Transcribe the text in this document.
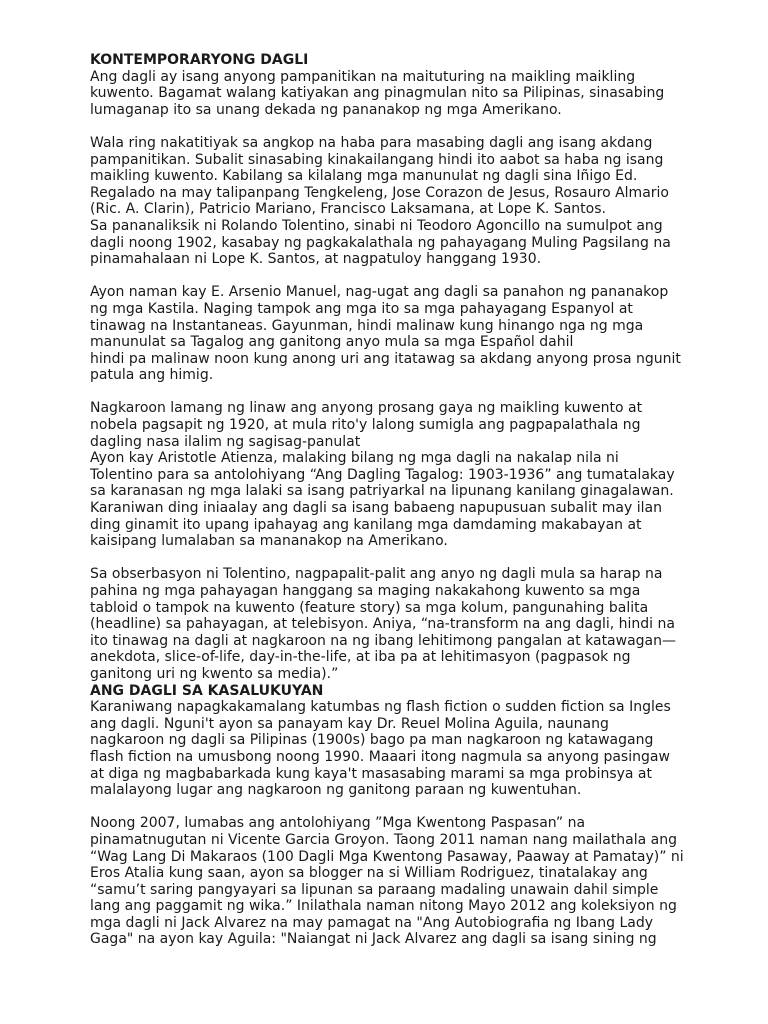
KONTEMPORARYONG DAGLI

Ang dagli ay isang anyong pampanitikan na maituturing na maikling maikling
kuwento. Bagamat walang katiyakan ang pinagmulan nito sa Pilipinas, sinasabing
lumaganap ito sa unang dekada ng pananakop ng mga Amerikano.

Wala ring nakatitiyak sa angkop na haba para masabing dagli ang isang akdang
pampanitikan. Subalit sinasabing kinakailangang hindi ito aabot sa haba ng isang
maikling kuwento. Kabilang sa kilalang mga manunulat ng dagli sina Iñigo Ed.
Regalado na may talipanpang Tengkeleng, Jose Corazon de Jesus, Rosauro Almario
(Ric. A. Clarin), Patricio Mariano, Francisco Laksamana, at Lope K. Santos.
Sa pananaliksik ni Rolando Tolentino, sinabi ni Teodoro Agoncillo na sumulpot ang
dagli noong 1902, kasabay ng pagkakalathala ng pahayagang Muling Pagsilang na
pinamahalaan ni Lope K. Santos, at nagpatuloy hanggang 1930.

Ayon naman kay E. Arsenio Manuel, nag-ugat ang dagli sa panahon ng pananakop
ng mga Kastila. Naging tampok ang mga ito sa mga pahayagang Espanyol at
tinawag na Instantaneas. Gayunman, hindi malinaw kung hinango nga ng mga
manunulat sa Tagalog ang ganitong anyo mula sa mga Español dahil
hindi pa malinaw noon kung anong uri ang itatawag sa akdang anyong prosa ngunit
patula ang himig.

Nagkaroon lamang ng linaw ang anyong prosang gaya ng maikling kuwento at
nobela pagsapit ng 1920, at mula rito'y lalong sumigla ang pagpapalathala ng
dagling nasa ilalim ng sagisag-panulat
Ayon kay Aristotle Atienza, malaking bilang ng mga dagli na nakalap nila ni
Tolentino para sa antolohiyang “Ang Dagling Tagalog: 1903-1936” ang tumatalakay
sa karanasan ng mga lalaki sa isang patriyarkal na lipunang kanilang ginagalawan.
Karaniwan ding iniaalay ang dagli sa isang babaeng napupusuan subalit may ilan
ding ginamit ito upang ipahayag ang kanilang mga damdaming makabayan at
kaisipang lumalaban sa mananakop na Amerikano.

Sa obserbasyon ni Tolentino, nagpapalit-palit ang anyo ng dagli mula sa harap na
pahina ng mga pahayagan hanggang sa maging nakakahong kuwento sa mga
tabloid o tampok na kuwento (feature story) sa mga kolum, pangunahing balita
(headline) sa pahayagan, at telebisyon. Aniya, “na-transform na ang dagli, hindi na
ito tinawag na dagli at nagkaroon na ng ibang lehitimong pangalan at katawagan—
anekdota, slice-of-life, day-in-the-life, at iba pa at lehitimasyon (pagpasok ng
ganitong uri ng kwento sa media).”

ANG DAGLI SA KASALUKUYAN

Karaniwang napagkakamalang katumbas ng flash fiction o sudden fiction sa Ingles
ang dagli. Nguni't ayon sa panayam kay Dr. Reuel Molina Aguila, naunang
nagkaroon ng dagli sa Pilipinas (1900s) bago pa man nagkaroon ng katawagang
flash fiction na umusbong noong 1990. Maaari itong nagmula sa anyong pasingaw
at diga ng magbabarkada kung kaya't masasabing marami sa mga probinsya at
malalayong lugar ang nagkaroon ng ganitong paraan ng kuwentuhan.

Noong 2007, lumabas ang antolohiyang ”Mga Kwentong Paspasan” na
pinamatnugutan ni Vicente Garcia Groyon. Taong 2011 naman nang mailathala ang
“Wag Lang Di Makaraos (100 Dagli Mga Kwentong Pasaway, Paaway at Pamatay)” ni
Eros Atalia kung saan, ayon sa blogger na si William Rodriguez, tinatalakay ang
“samu’t saring pangyayari sa lipunan sa paraang madaling unawain dahil simple
lang ang paggamit ng wika.” Inilathala naman nitong Mayo 2012 ang koleksiyon ng
mga dagli ni Jack Alvarez na may pamagat na "Ang Autobiografia ng Ibang Lady
Gaga" na ayon kay Aguila: "Naiangat ni Jack Alvarez ang dagli sa isang sining ng
